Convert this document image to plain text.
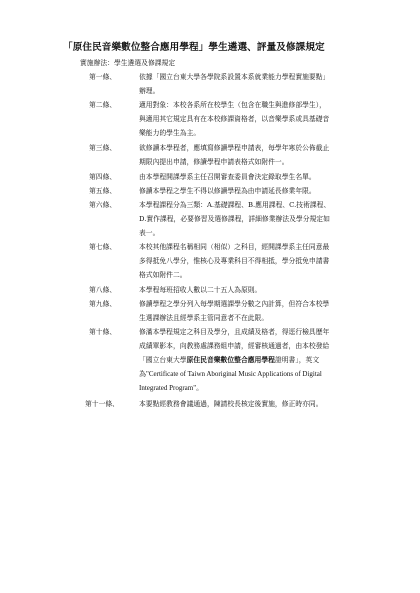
「原住民音樂數位整合應用學程」學生遴選、評量及修課規定
實施辦法：學生遴選及修課規定
第一條、	依據「國立台東大學各學院系設置本系就業能力學程實施要點」

辦理。

第二條、	適用對象：本校各系所在校學生（包含在職生與進修部學生），

與適用其它規定具有在本校修課資格者，以音樂學系或具基礎音

樂能力的學生為主。

第三條、	欲修讀本學程者，應填寫修讀學程申請表，每學年寒於公佈截止

期限內提出申請，修讀學程申請表格式如附件一。

第四條、	由本學程開課學系主任召開審查委員會決定錄取學生名單。

第五條、	修讀本學程之學生不得以修讀學程為由申請延長修業年限。

第六條、	本學程課程分為三類：A.基礎課程、B.應用課程、C.技術課程、

D.實作課程，必要修習及選修課程，詳細修業辦法及學分規定如

表一。

第七條、	本校其他課程名稱相同（相似）之科目，經開課學系主任同意最

多得抵免八學分，惟核心及專業科目不得相抵，學分抵免申請書

格式如附件二。

第八條、	本學程每班招收人數以二十五人為原則。

第九條、	修讀學程之學分列入每學期選課學分數之內計算，但符合本校學

生選課辦法且經學系主管同意者不在此限。

第十條、	修滿本學程規定之科目及學分，且成績及格者，得逕行檢具歷年

成績單影本，向教務處課務組申請，經審核通過者，由本校發給

「國立台東大學原住民音樂數位整合應用學程證明書」，英文

為"Certificate of Taiwn Aboriginal Music Applications of Digital

Integrated Program"。

第十一條、	本要點經教務會議通過，陳請校長核定後實施，修正時亦同。
